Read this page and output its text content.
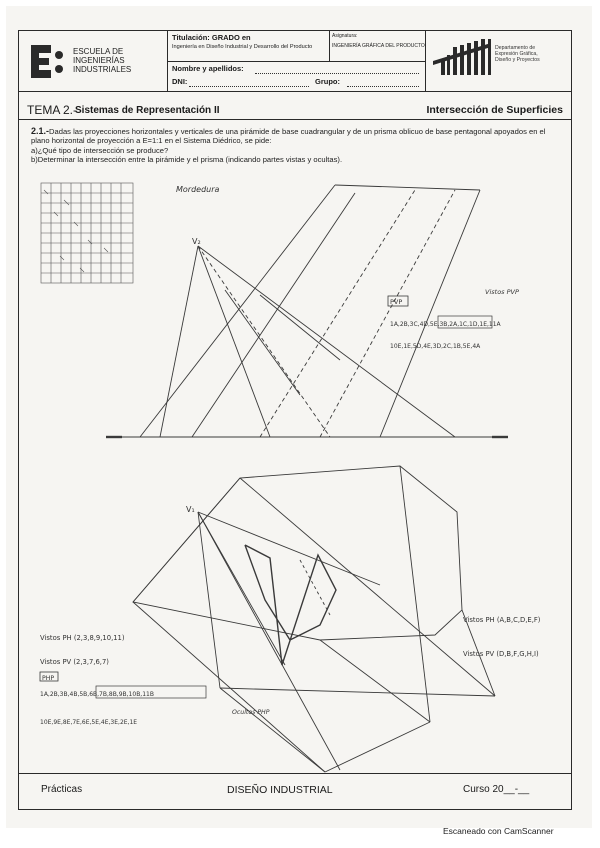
ESCUELA DE
INGENIERÍAS
INDUSTRIALES
Titulación: GRADO en
Ingeniería en Diseño Industrial y Desarrollo del Producto
Asignatura:
INGENIERÍA GRÁFICA DEL PRODUCTO
Nombre y apellidos:
DNI:	Grupo:
Departamento de
Expresión Gráfica,
Diseño y Proyectos
TEMA 2.-
Sistemas de Representación II	Intersección de Superficies
2.1.-Dadas las proyecciones horizontales y verticales de una pirámide de base cuadrangular y de un prisma oblicuo de base pentagonal apoyados en el plano horizontal de proyección a E=1:1 en el Sistema Diédrico, se pide:
a)¿Qué tipo de intersección se produce?
b)Determinar la intersección entre la pirámide y el prisma (indicando partes vistas y ocultas).
Prácticas	DISEÑO INDUSTRIAL	Curso 20__-__
Mordedura
V₂
V₁
PVP
Vistos PVP
1A,2B,3C,4D,5E,3B,2A,1C,1D,1E,11A
10E,1E,5D,4E,3D,2C,1B,5E,4A
Vistos PH (2,3,8,9,10,11)
Vistos PV (2,3,7,6,7)
PHP
1A,2B,3B,4B,5B,6B,7B,8B,9B,10B,11B
10E,9E,8E,7E,6E,5E,4E,3E,2E,1E
Ocultos PHP
Vistos PH (A,B,C,D,E,F)
Vistos PV (D,B,F,G,H,I)
Escaneado con CamScanner
